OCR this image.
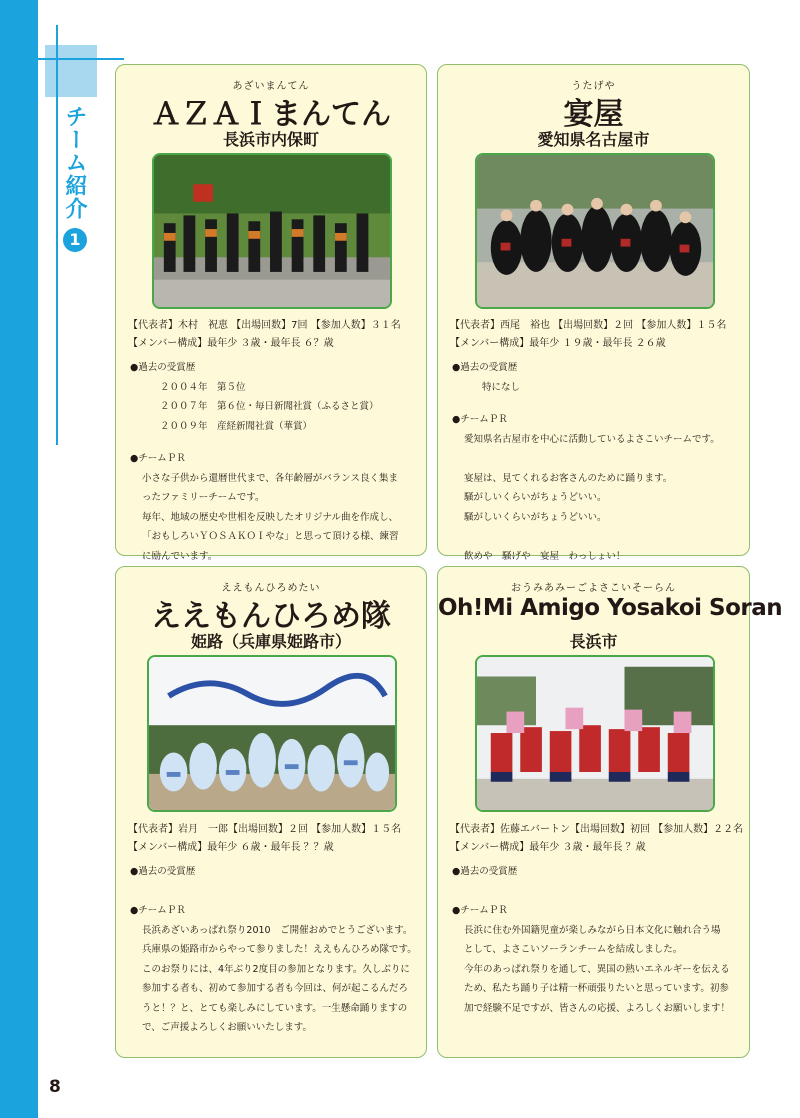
チーム紹介
1
8
あざいまんてん
ＡＺＡＩまんてん
長浜市内保町
【代表者】木村　祝恵 【出場回数】7回 【参加人数】３１名
【メンバー構成】最年少 ３歳・最年長 ６？歳
●過去の受賞歴
２００４年　第５位
２００７年　第６位・毎日新聞社賞（ふるさと賞）
２００９年　産経新聞社賞（華賞）
●チームＰＲ
小さな子供から還暦世代まで、各年齢層がバランス良く集ま
ったファミリーチームです。
毎年、地域の歴史や世相を反映したオリジナル曲を作成し、
「おもしろいＹＯＳＡＫＯＩやな」と思って頂ける様、練習
に励んでいます。
うたげや
宴屋
愛知県名古屋市
【代表者】西尾　裕也 【出場回数】２回 【参加人数】１５名
【メンバー構成】最年少 １９歳・最年長 ２６歳
●過去の受賞歴
特になし
●チームＰＲ
愛知県名古屋市を中心に活動しているよさこいチームです。

宴屋は、見てくれるお客さんのために踊ります。
騒がしいくらいがちょうどいい。
騒がしいくらいがちょうどいい。

飲めや　騒げや　宴屋　わっしょい！
ええもんひろめたい
ええもんひろめ隊
姫路（兵庫県姫路市）
【代表者】岩月　一郎【出場回数】２回 【参加人数】１５名
【メンバー構成】最年少 ６歳・最年長 ？？歳
●過去の受賞歴

●チームＰＲ
長浜あざいあっぱれ祭り2010　ご開催おめでとうございます。
兵庫県の姫路市からやって参りました！ええもんひろめ隊です。
このお祭りには、4年ぶり2度目の参加となります。久しぶりに
参加する者も、初めて参加する者も今回は、何が起こるんだろ
うと！？と、とても楽しみにしています。一生懸命踊りますの
で、ご声援よろしくお願いいたします。
おうみあみーごよさこいそーらん
Oh!Mi Amigo Yosakoi Soran
長浜市
【代表者】佐藤エバートン【出場回数】初回 【参加人数】２２名
【メンバー構成】最年少 ３歳・最年長 ？歳
●過去の受賞歴

●チームＰＲ
長浜に住む外国籍児童が楽しみながら日本文化に触れ合う場
として、よさこいソーランチームを結成しました。
今年のあっぱれ祭りを通して、異国の熱いエネルギーを伝える
ため、私たち踊り子は精一杯頑張りたいと思っています。初参
加で経験不足ですが、皆さんの応援、よろしくお願いします！
